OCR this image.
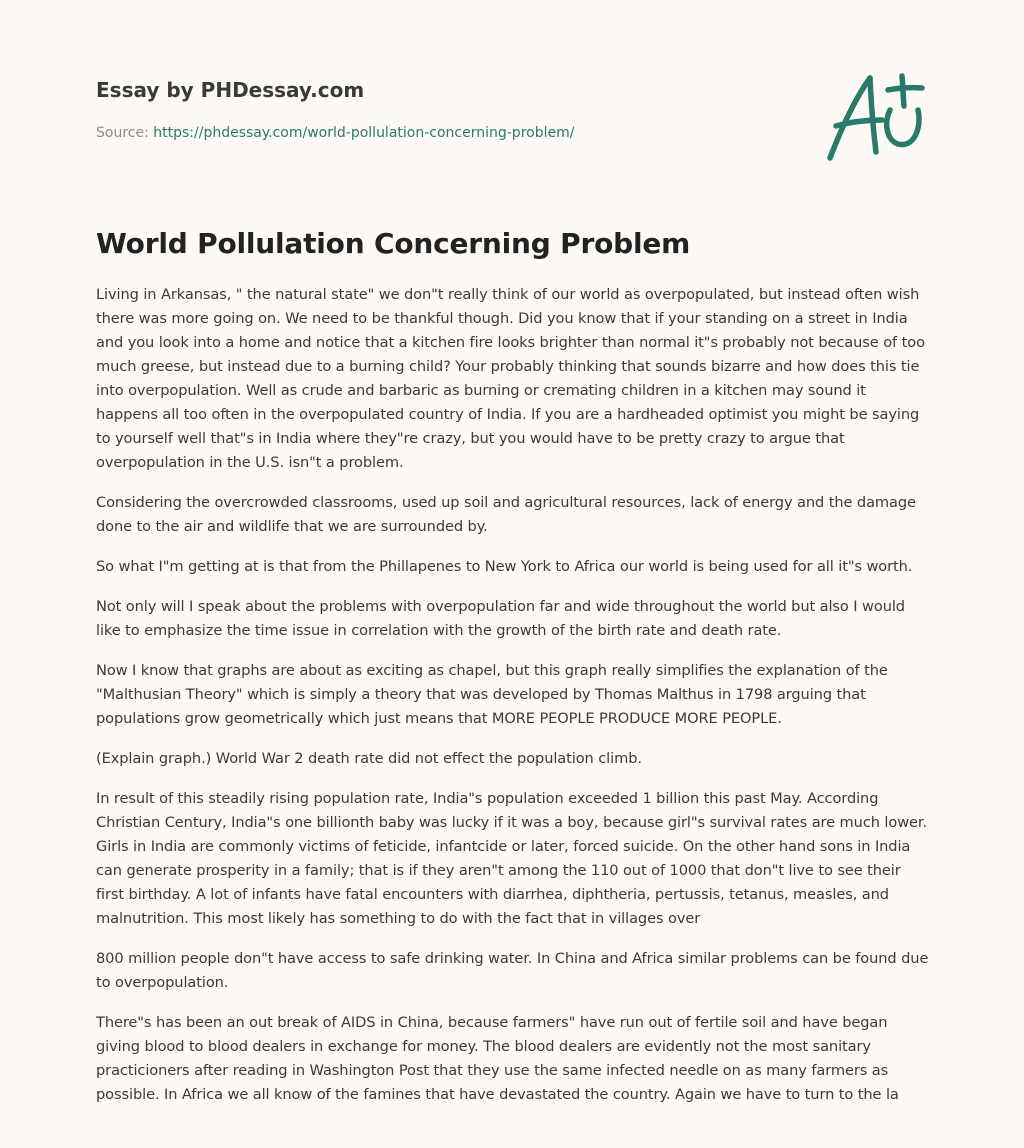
Essay by PHDessay.com

Source: https://phdessay.com/world-pollulation-concerning-problem/

World Pollulation Concerning Problem

Living in Arkansas, " the natural state" we don"t really think of our world as overpopulated, but instead often wish there was more going on. We need to be thankful though. Did you know that if your standing on a street in India and you look into a home and notice that a kitchen fire looks brighter than normal it"s probably not because of too much greese, but instead due to a burning child? Your probably thinking that sounds bizarre and how does this tie into overpopulation. Well as crude and barbaric as burning or cremating children in a kitchen may sound it happens all too often in the overpopulated country of India. If you are a hardheaded optimist you might be saying to yourself well that"s in India where they"re crazy, but you would have to be pretty crazy to argue that overpopulation in the U.S. isn"t a problem.

Considering the overcrowded classrooms, used up soil and agricultural resources, lack of energy and the damage done to the air and wildlife that we are surrounded by.

So what I"m getting at is that from the Phillapenes to New York to Africa our world is being used for all it"s worth.

Not only will I speak about the problems with overpopulation far and wide throughout the world but also I would like to emphasize the time issue in correlation with the growth of the birth rate and death rate.

Now I know that graphs are about as exciting as chapel, but this graph really simplifies the explanation of the "Malthusian Theory" which is simply a theory that was developed by Thomas Malthus in 1798 arguing that populations grow geometrically which just means that MORE PEOPLE PRODUCE MORE PEOPLE.

(Explain graph.) World War 2 death rate did not effect the population climb.

In result of this steadily rising population rate, India"s population exceeded 1 billion this past May. According Christian Century, India"s one billionth baby was lucky if it was a boy, because girl"s survival rates are much lower. Girls in India are commonly victims of feticide, infantcide or later, forced suicide. On the other hand sons in India can generate prosperity in a family; that is if they aren"t among the 110 out of 1000 that don"t live to see their first birthday. A lot of infants have fatal encounters with diarrhea, diphtheria, pertussis, tetanus, measles, and malnutrition. This most likely has something to do with the fact that in villages over

800 million people don"t have access to safe drinking water. In China and Africa similar problems can be found due to overpopulation.

There"s has been an out break of AIDS in China, because farmers" have run out of fertile soil and have began giving blood to blood dealers in exchange for money. The blood dealers are evidently not the most sanitary practicioners after reading in Washington Post that they use the same infected needle on as many farmers as possible. In Africa we all know of the famines that have devastated the country. Again we have to turn to the la
